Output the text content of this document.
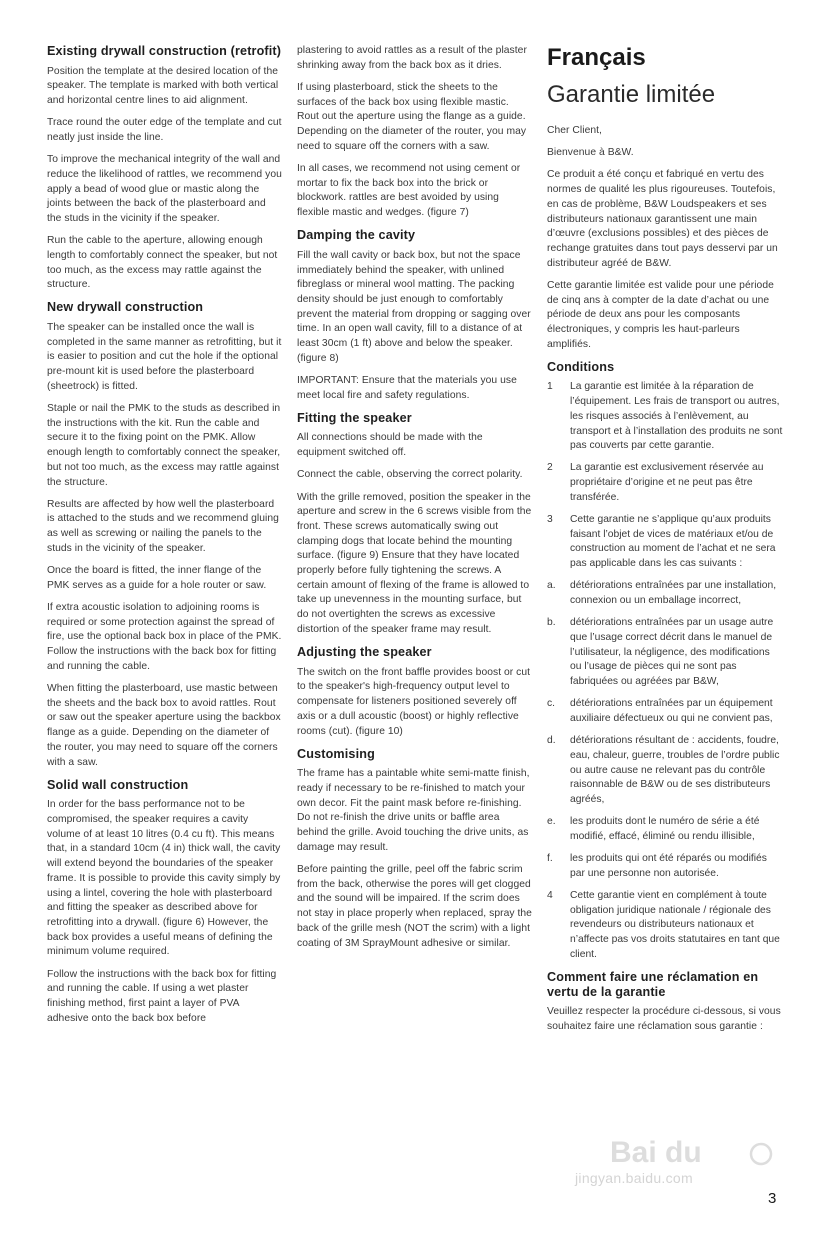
Existing drywall construction (retrofit)
Position the template at the desired location of the speaker. The template is marked with both vertical and horizontal centre lines to aid alignment.
Trace round the outer edge of the template and cut neatly just inside the line.
To improve the mechanical integrity of the wall and reduce the likelihood of rattles, we recommend you apply a bead of wood glue or mastic along the joints between the back of the plasterboard and the studs in the vicinity if the speaker.
Run the cable to the aperture, allowing enough length to comfortably connect the speaker, but not too much, as the excess may rattle against the structure.
New drywall construction
The speaker can be installed once the wall is completed in the same manner as retrofitting, but it is easier to position and cut the hole if the optional pre-mount kit is used before the plasterboard (sheetrock) is fitted.
Staple or nail the PMK to the studs as described in the instructions with the kit. Run the cable and secure it to the fixing point on the PMK. Allow enough length to comfortably connect the speaker, but not too much, as the excess may rattle against the structure.
Results are affected by how well the plasterboard is attached to the studs and we recommend gluing as well as screwing or nailing the panels to the studs in the vicinity of the speaker.
Once the board is fitted, the inner flange of the PMK serves as a guide for a hole router or saw.
If extra acoustic isolation to adjoining rooms is required or some protection against the spread of fire, use the optional back box in place of the PMK. Follow the instructions with the back box for fitting and running the cable.
When fitting the plasterboard, use mastic between the sheets and the back box to avoid rattles. Rout or saw out the speaker aperture using the backbox flange as a guide. Depending on the diameter of the router, you may need to square off the corners with a saw.
Solid wall construction
In order for the bass performance not to be compromised, the speaker requires a cavity volume of at least 10 litres (0.4 cu ft). This means that, in a standard 10cm (4 in) thick wall, the cavity will extend beyond the boundaries of the speaker frame. It is possible to provide this cavity simply by using a lintel, covering the hole with plasterboard and fitting the speaker as described above for retrofitting into a drywall. (figure 6) However, the back box provides a useful means of defining the minimum volume required.
Follow the instructions with the back box for fitting and running the cable. If using a wet plaster finishing method, first paint a layer of PVA adhesive onto the back box before
plastering to avoid rattles as a result of the plaster shrinking away from the back box as it dries.
If using plasterboard, stick the sheets to the surfaces of the back box using flexible mastic. Rout out the aperture using the flange as a guide. Depending on the diameter of the router, you may need to square off the corners with a saw.
In all cases, we recommend not using cement or mortar to fix the back box into the brick or blockwork. rattles are best avoided by using flexible mastic and wedges. (figure 7)
Damping the cavity
Fill the wall cavity or back box, but not the space immediately behind the speaker, with unlined fibreglass or mineral wool matting. The packing density should be just enough to comfortably prevent the material from dropping or sagging over time. In an open wall cavity, fill to a distance of at least 30cm (1 ft) above and below the speaker. (figure 8)
IMPORTANT: Ensure that the materials you use meet local fire and safety regulations.
Fitting the speaker
All connections should be made with the equipment switched off.
Connect the cable, observing the correct polarity.
With the grille removed, position the speaker in the aperture and screw in the 6 screws visible from the front. These screws automatically swing out clamping dogs that locate behind the mounting surface. (figure 9) Ensure that they have located properly before fully tightening the screws. A certain amount of flexing of the frame is allowed to take up unevenness in the mounting surface, but do not overtighten the screws as excessive distortion of the speaker frame may result.
Adjusting the speaker
The switch on the front baffle provides boost or cut to the speaker's high-frequency output level to compensate for listeners positioned severely off axis or a dull acoustic (boost) or highly reflective rooms (cut). (figure 10)
Customising
The frame has a paintable white semi-matte finish, ready if necessary to be re-finished to match your own decor. Fit the paint mask before re-finishing. Do not re-finish the drive units or baffle area behind the grille. Avoid touching the drive units, as damage may result.
Before painting the grille, peel off the fabric scrim from the back, otherwise the pores will get clogged and the sound will be impaired. If the scrim does not stay in place properly when replaced, spray the back of the grille mesh (NOT the scrim) with a light coating of 3M SprayMount adhesive or similar.
Français
Garantie limitée
Cher Client,
Bienvenue à B&W.
Ce produit a été conçu et fabriqué en vertu des normes de qualité les plus rigoureuses. Toutefois, en cas de problème, B&W Loudspeakers et ses distributeurs nationaux garantissent une main d’œuvre (exclusions possibles) et des pièces de rechange gratuites dans tout pays desservi par un distributeur agréé de B&W.
Cette garantie limitée est valide pour une période de cinq ans à compter de la date d’achat ou une période de deux ans pour les composants électroniques, y compris les haut-parleurs amplifiés.
Conditions
1	La garantie est limitée à la réparation de l’équipement. Les frais de transport ou autres, les risques associés à l’enlèvement, au transport et à l’installation des produits ne sont pas couverts par cette garantie.
2	La garantie est exclusivement réservée au propriétaire d’origine et ne peut pas être transférée.
3	Cette garantie ne s’applique qu’aux produits faisant l’objet de vices de matériaux et/ou de construction au moment de l’achat et ne sera pas applicable dans les cas suivants :
a.	détériorations entraînées par une installation, connexion ou un emballage incorrect,
b.	détériorations entraînées par un usage autre que l’usage correct décrit dans le manuel de l’utilisateur, la négligence, des modifications ou l’usage de pièces qui ne sont pas fabriquées ou agréées par B&W,
c.	détériorations entraînées par un équipement auxiliaire défectueux ou qui ne convient pas,
d.	détériorations résultant de : accidents, foudre, eau, chaleur, guerre, troubles de l’ordre public ou autre cause ne relevant pas du contrôle raisonnable de B&W ou de ses distributeurs agréés,
e.	les produits dont le numéro de série a été modifié, effacé, éliminé ou rendu illisible,
f.	les produits qui ont été réparés ou modifiés par une personne non autorisée.
4	Cette garantie vient en complément à toute obligation juridique nationale / régionale des revendeurs ou distributeurs nationaux et n’affecte pas vos droits statutaires en tant que client.
Comment faire une réclamation en vertu de la garantie
Veuillez respecter la procédure ci-dessous, si vous souhaitez faire une réclamation sous garantie :
3
Bai du
jingyan.baidu.com
